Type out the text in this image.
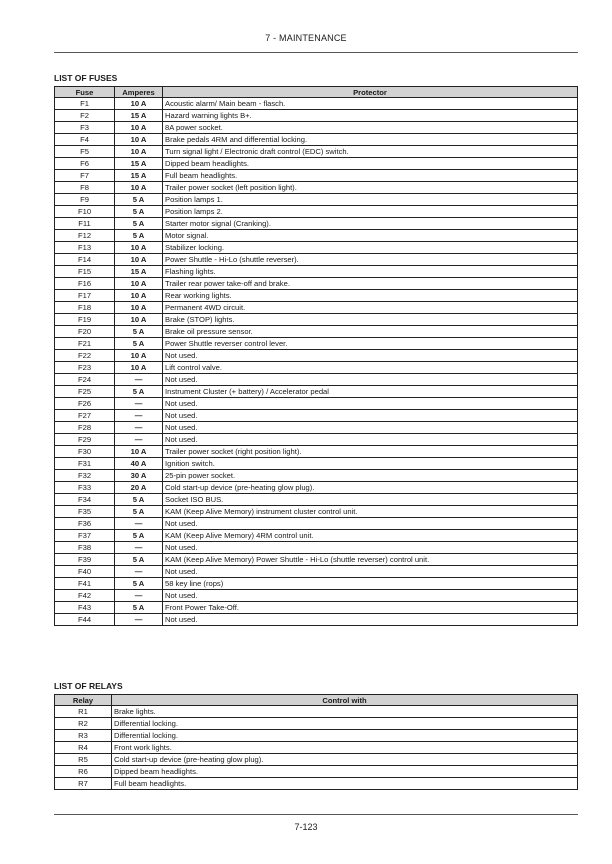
7 - MAINTENANCE
LIST OF FUSES
Fuse	Amperes	Protector
F1	10 A	Acoustic alarm/ Main beam - flasch.
F2	15 A	Hazard warning lights B+.
F3	10 A	8A power socket.
F4	10 A	Brake pedals 4RM and differential locking.
F5	10 A	Turn signal light / Electronic draft control (EDC) switch.
F6	15 A	Dipped beam headlights.
F7	15 A	Full beam headlights.
F8	10 A	Trailer power socket (left position light).
F9	5 A	Position lamps 1.
F10	5 A	Position lamps 2.
F11	5 A	Starter motor signal (Cranking).
F12	5 A	Motor signal.
F13	10 A	Stabilizer locking.
F14	10 A	Power Shuttle - Hi-Lo (shuttle reverser).
F15	15 A	Flashing lights.
F16	10 A	Trailer rear power take-off and brake.
F17	10 A	Rear working lights.
F18	10 A	Permanent 4WD circuit.
F19	10 A	Brake (STOP) lights.
F20	5 A	Brake oil pressure sensor.
F21	5 A	Power Shuttle reverser control lever.
F22	10 A	Not used.
F23	10 A	Lift control valve.
F24	—	Not used.
F25	5 A	Instrument Cluster (+ battery) / Accelerator pedal
F26	—	Not used.
F27	—	Not used.
F28	—	Not used.
F29	—	Not used.
F30	10 A	Trailer power socket (right position light).
F31	40 A	Ignition switch.
F32	30 A	25-pin power socket.
F33	20 A	Cold start-up device (pre-heating glow plug).
F34	5 A	Socket ISO BUS.
F35	5 A	KAM (Keep Alive Memory) instrument cluster control unit.
F36	—	Not used.
F37	5 A	KAM (Keep Alive Memory) 4RM control unit.
F38	—	Not used.
F39	5 A	KAM (Keep Alive Memory) Power Shuttle - Hi-Lo (shuttle reverser) control unit.
F40	—	Not used.
F41	5 A	58 key line (rops)
F42	—	Not used.
F43	5 A	Front Power Take-Off.
F44	—	Not used.
LIST OF RELAYS
Relay	Control with
R1	Brake lights.
R2	Differential locking.
R3	Differential locking.
R4	Front work lights.
R5	Cold start-up device (pre-heating glow plug).
R6	Dipped beam headlights.
R7	Full beam headlights.
7-123
